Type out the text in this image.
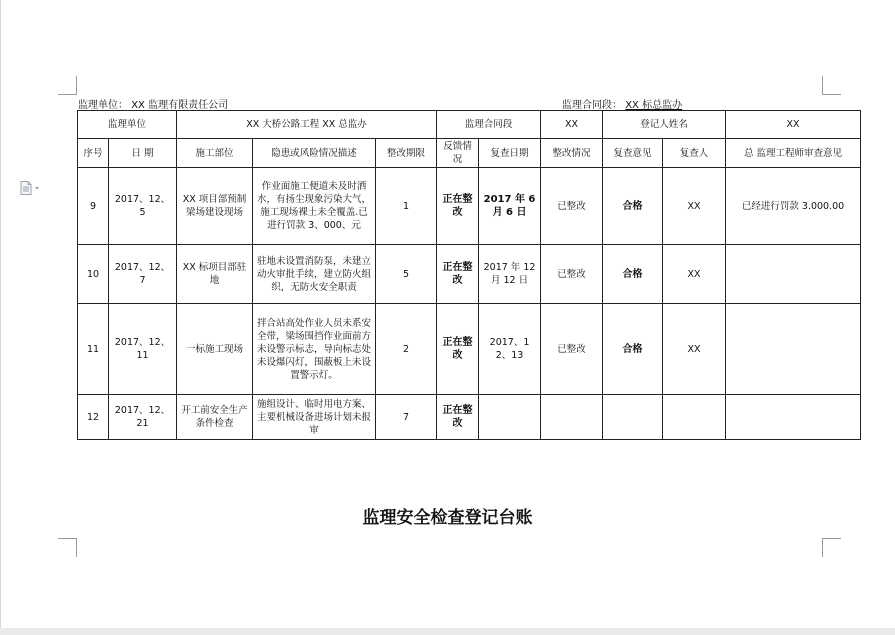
监理单位： XX 监理有限责任公司	监理合同段： XX 标总监办
监理单位		XX 大桥公路工程 XX 总监办			监理合同段		XX	登记人姓名		XX
序号	日 期	施工部位	隐患或风险情况描述	整改期限	反馈情况	复查日期	整改情况	复查意见	复查人	总 监理工程师审查意见
9	2017、12、5	XX 项目部预制梁场建设现场	作业面施工便道未及时洒水，有扬尘现象污染大气，施工现场裸土未全覆盖.已进行罚款 3、000、元	1	正在整改	2017 年 6 月 6 日	已整改	合格	XX	已经进行罚款 3.000.00
10	2017、12、7	XX 标项目部驻地	驻地未设置消防泵，未建立动火审批手续，建立防火组织，无防火安全职责	5	正在整改	2017 年 12 月 12 日	已整改	合格	XX	
11	2017、12、11	一标施工现场	拌合站高处作业人员未系安全带，梁场围挡作业面前方未设警示标志，导向标志处未设爆闪灯，围蔽板上未设置警示灯。	2	正在整改	2017、12、13	已整改	合格	XX	
12	2017、12、21	开工前安全生产条件检查	施组设计、临时用电方案、主要机械设备进场计划未报审	7	正在整改					
监理安全检查登记台账
